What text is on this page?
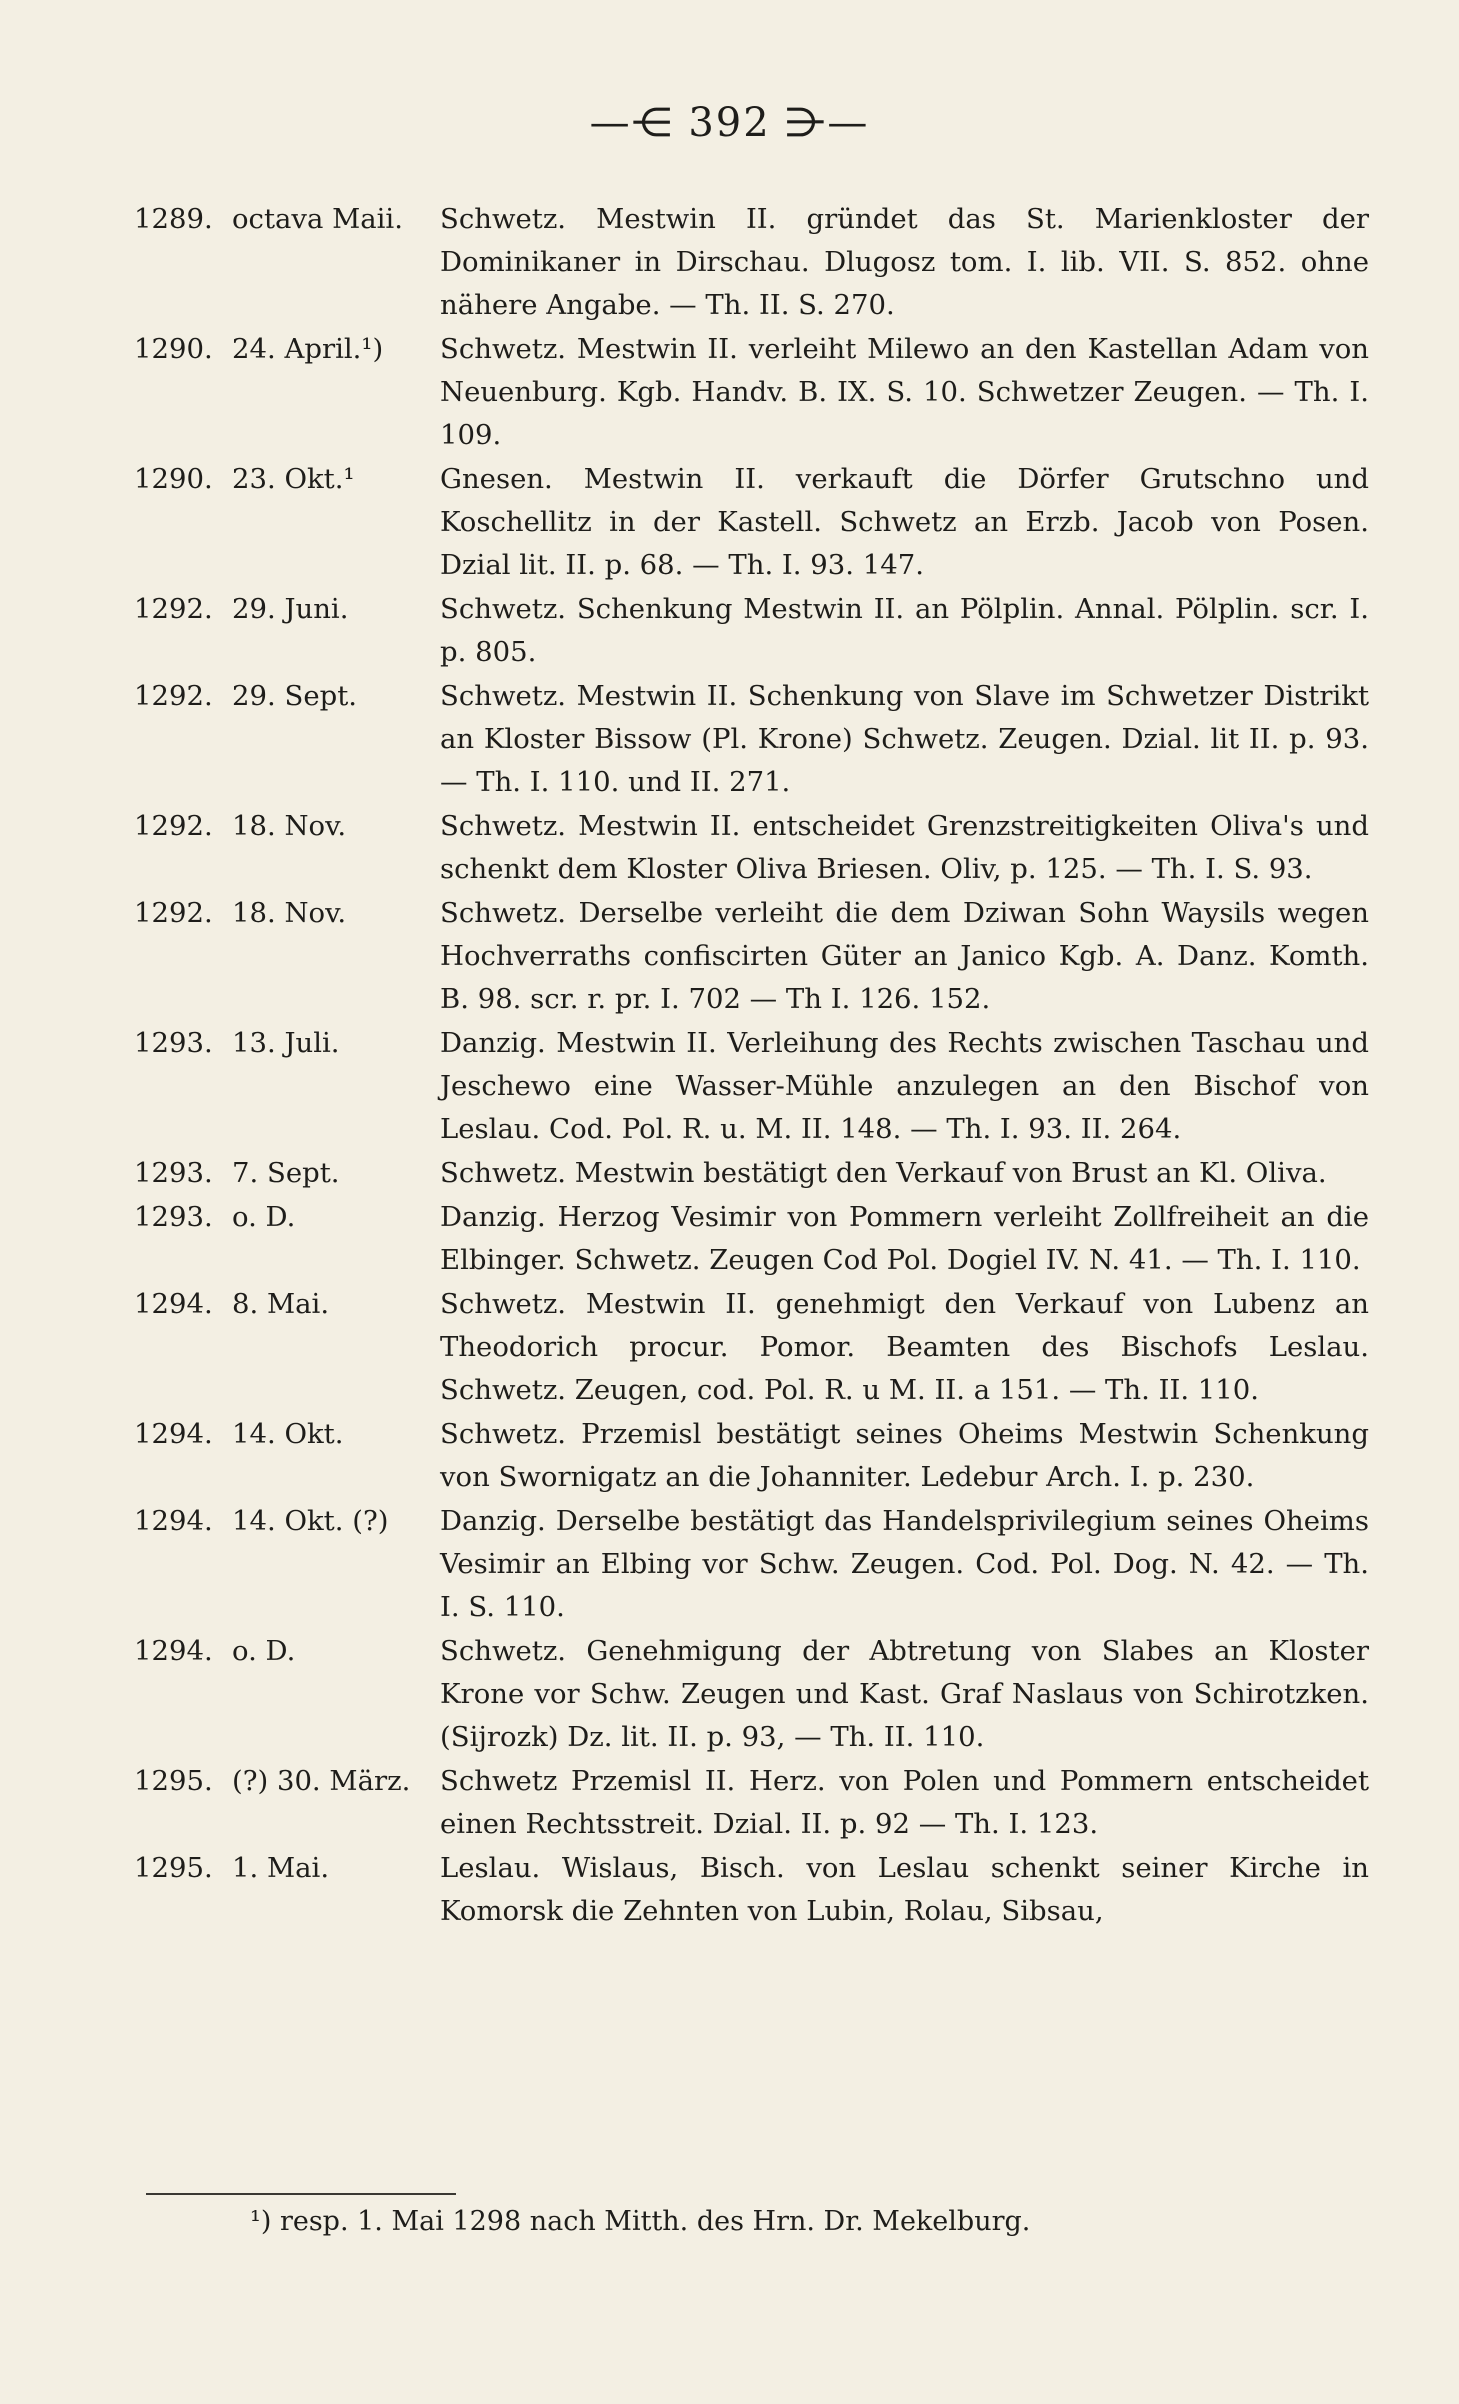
—⋲ 392 ⋺—
1289. octava Maii.	Schwetz. Mestwin II. gründet das St. Marienkloster der Dominikaner in Dirschau. Dlugosz tom. I. lib. VII. S. 852. ohne nähere Angabe. — Th. II. S. 270.
1290. 24. April.¹)	Schwetz. Mestwin II. verleiht Milewo an den Kastellan Adam von Neuenburg. Kgb. Handv. B. IX. S. 10. Schwetzer Zeugen. — Th. I. 109.
1290. 23. Okt.¹	Gnesen. Mestwin II. verkauft die Dörfer Grutschno und Koschellitz in der Kastell. Schwetz an Erzb. Jacob von Posen. Dzial lit. II. p. 68. — Th. I. 93. 147.
1292. 29. Juni.	Schwetz. Schenkung Mestwin II. an Pölplin. Annal. Pölplin. scr. I. p. 805.
1292. 29. Sept.	Schwetz. Mestwin II. Schenkung von Slave im Schwetzer Distrikt an Kloster Bissow (Pl. Krone) Schwetz. Zeugen. Dzial. lit II. p. 93. — Th. I. 110. und II. 271.
1292. 18. Nov.	Schwetz. Mestwin II. entscheidet Grenzstreitigkeiten Oliva's und schenkt dem Kloster Oliva Briesen. Oliv, p. 125. — Th. I. S. 93.
1292. 18. Nov.	Schwetz. Derselbe verleiht die dem Dziwan Sohn Waysils wegen Hochverraths confiscirten Güter an Janico Kgb. A. Danz. Komth. B. 98. scr. r. pr. I. 702 — Th I. 126. 152.
1293. 13. Juli.	Danzig. Mestwin II. Verleihung des Rechts zwischen Taschau und Jeschewo eine Wasser-Mühle anzulegen an den Bischof von Leslau. Cod. Pol. R. u. M. II. 148. — Th. I. 93. II. 264.
1293. 7. Sept.	Schwetz. Mestwin bestätigt den Verkauf von Brust an Kl. Oliva.
1293. o. D.	Danzig. Herzog Vesimir von Pommern verleiht Zollfreiheit an die Elbinger. Schwetz. Zeugen Cod Pol. Dogiel IV. N. 41. — Th. I. 110.
1294. 8. Mai.	Schwetz. Mestwin II. genehmigt den Verkauf von Lubenz an Theodorich procur. Pomor. Beamten des Bischofs Leslau. Schwetz. Zeugen, cod. Pol. R. u M. II. a 151. — Th. II. 110.
1294. 14. Okt.	Schwetz. Przemisl bestätigt seines Oheims Mestwin Schenkung von Swornigatz an die Johanniter. Ledebur Arch. I. p. 230.
1294. 14. Okt. (?)	Danzig. Derselbe bestätigt das Handelsprivilegium seines Oheims Vesimir an Elbing vor Schw. Zeugen. Cod. Pol. Dog. N. 42. — Th. I. S. 110.
1294. o. D.	Schwetz. Genehmigung der Abtretung von Slabes an Kloster Krone vor Schw. Zeugen und Kast. Graf Naslaus von Schirotzken. (Sijrozk) Dz. lit. II. p. 93, — Th. II. 110.
1295. (?) 30. März.	Schwetz Przemisl II. Herz. von Polen und Pommern entscheidet einen Rechtsstreit. Dzial. II. p. 92 — Th. I. 123.
1295. 1. Mai.	Leslau. Wislaus, Bisch. von Leslau schenkt seiner Kirche in Komorsk die Zehnten von Lubin, Rolau, Sibsau,
¹) resp. 1. Mai 1298 nach Mitth. des Hrn. Dr. Mekelburg.
